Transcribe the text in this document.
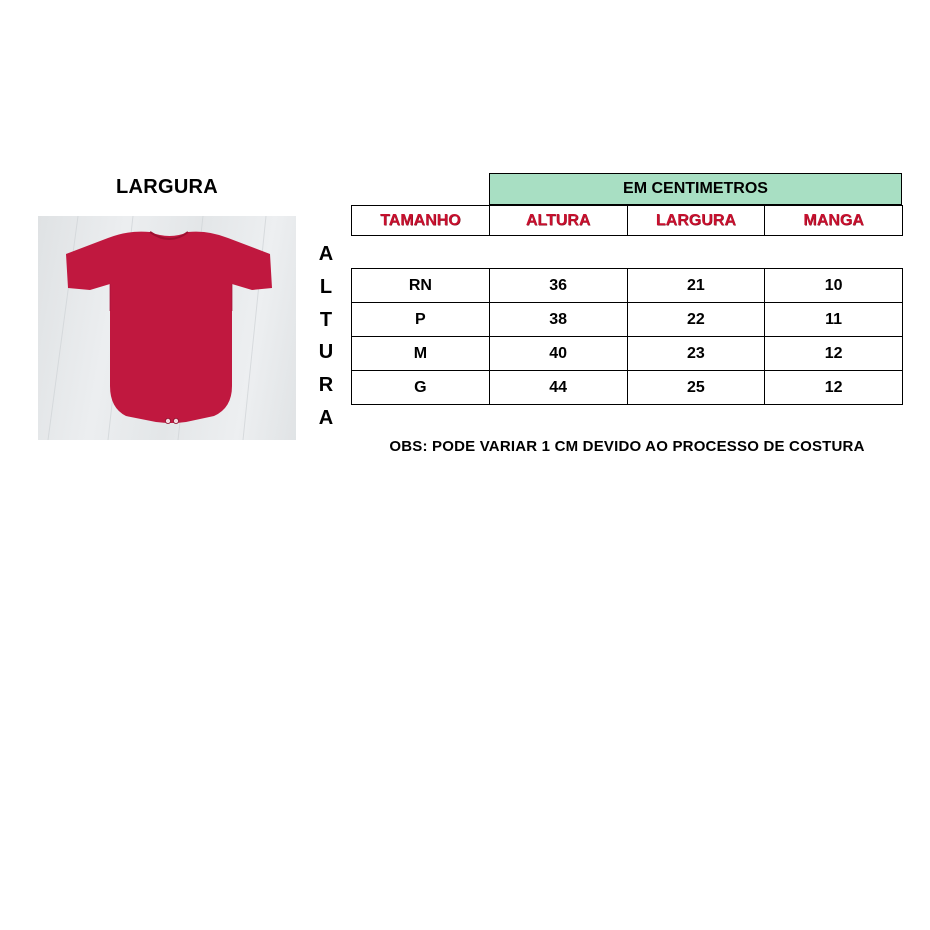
LARGURA
A
L
T
U
R
A
EM CENTIMETROS
TAMANHO	ALTURA	LARGURA	MANGA
RN	36	21	10
P	38	22	11
M	40	23	12
G	44	25	12
OBS: PODE VARIAR 1 CM DEVIDO AO PROCESSO DE COSTURA
